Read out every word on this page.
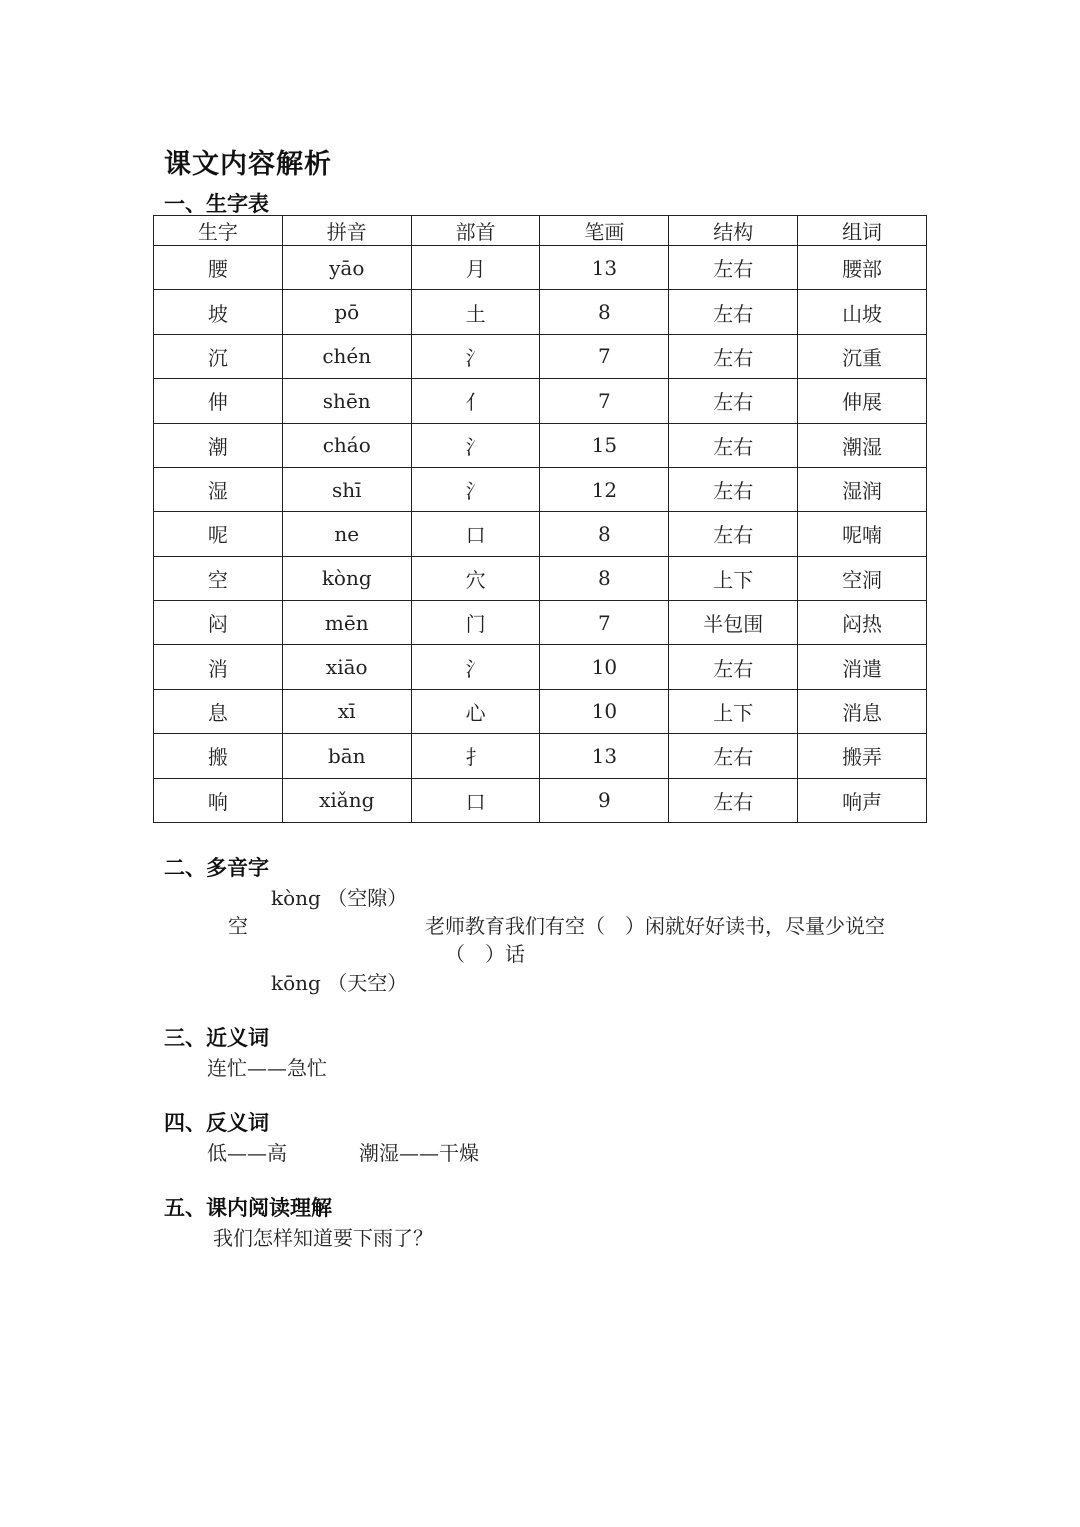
课文内容解析
一、生字表
生字	拼音	部首	笔画	结构	组词
腰	yāo	月	13	左右	腰部
坡	pō	土	8	左右	山坡
沉	chén	氵	7	左右	沉重
伸	shēn	亻	7	左右	伸展
潮	cháo	氵	15	左右	潮湿
湿	shī	氵	12	左右	湿润
呢	ne	口	8	左右	呢喃
空	kòng	穴	8	上下	空洞
闷	mēn	门	7	半包围	闷热
消	xiāo	氵	10	左右	消遣
息	xī	心	10	上下	消息
搬	bān	扌	13	左右	搬弄
响	xiǎng	口	9	左右	响声
二、多音字
kòng （空隙）
空	老师教育我们有空（　）闲就好好读书，尽量少说空
（　）话
kōng （天空）
三、近义词
连忙——急忙
四、反义词
低——高	潮湿——干燥
五、课内阅读理解
我们怎样知道要下雨了？
